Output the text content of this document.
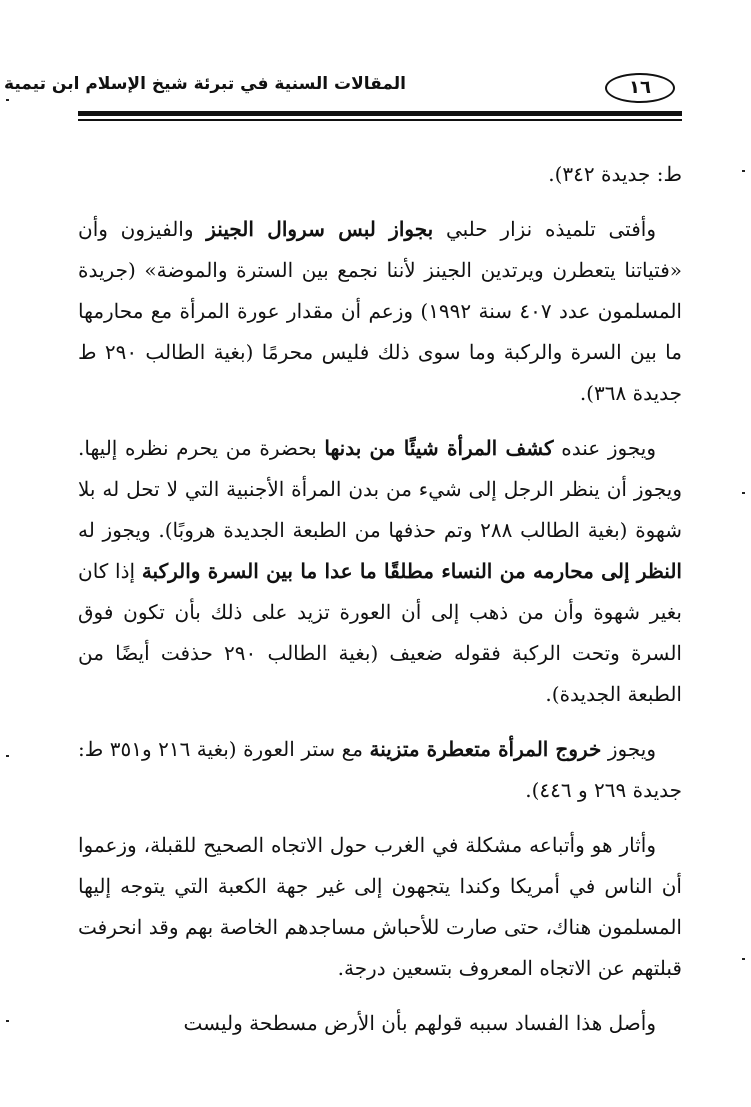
المقالات السنية في تبرئة شيخ الإسلام ابن تيمية	١٦

ط: جديدة ٣٤٢).

وأفتى تلميذه نزار حلبي بجواز لبس سروال الجينز والفيزون وأن «فتياتنا يتعطرن ويرتدين الجينز لأننا نجمع بين السترة والموضة» (جريدة المسلمون عدد ٤٠٧ سنة ١٩٩٢) وزعم أن مقدار عورة المرأة مع محارمها ما بين السرة والركبة وما سوى ذلك فليس محرمًا (بغية الطالب ٢٩٠ ط جديدة ٣٦٨).

ويجوز عنده كشف المرأة شيئًا من بدنها بحضرة من يحرم نظره إليها. ويجوز أن ينظر الرجل إلى شيء من بدن المرأة الأجنبية التي لا تحل له بلا شهوة (بغية الطالب ٢٨٨ وتم حذفها من الطبعة الجديدة هروبًا). ويجوز له النظر إلى محارمه من النساء مطلقًا ما عدا ما بين السرة والركبة إذا كان بغير شهوة وأن من ذهب إلى أن العورة تزيد على ذلك بأن تكون فوق السرة وتحت الركبة فقوله ضعيف (بغية الطالب ٢٩٠ حذفت أيضًا من الطبعة الجديدة).

ويجوز خروج المرأة متعطرة متزينة مع ستر العورة (بغية ٢١٦ و٣٥١ ط: جديدة ٢٦٩ و ٤٤٦).

وأثار هو وأتباعه مشكلة في الغرب حول الاتجاه الصحيح للقبلة، وزعموا أن الناس في أمريكا وكندا يتجهون إلى غير جهة الكعبة التي يتوجه إليها المسلمون هناك، حتى صارت للأحباش مساجدهم الخاصة بهم وقد انحرفت قبلتهم عن الاتجاه المعروف بتسعين درجة.

وأصل هذا الفساد سببه قولهم بأن الأرض مسطحة وليست
